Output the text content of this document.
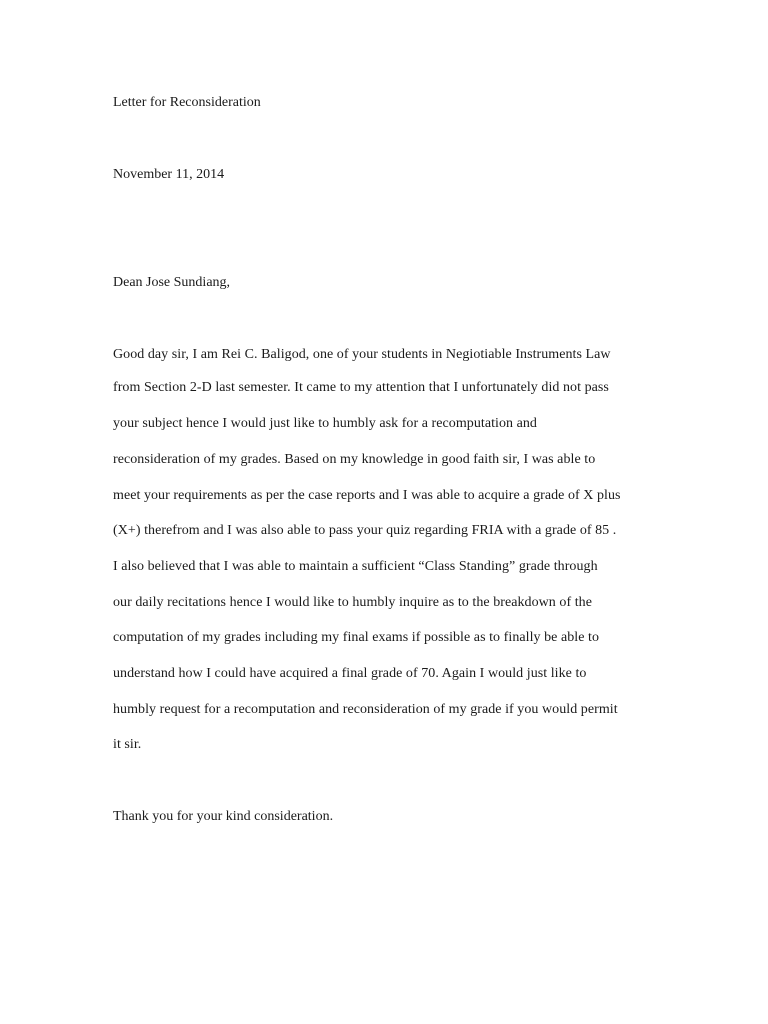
Letter for Reconsideration
November 11, 2014
Dean Jose Sundiang,
Good day sir, I am Rei C. Baligod, one of your students in Negiotiable Instruments Law
from Section 2-D last semester. It came to my attention that I unfortunately did not pass
your subject hence I would just like to humbly ask for a recomputation and
reconsideration of my grades. Based on my knowledge in good faith sir, I was able to
meet your requirements as per the case reports and I was able to acquire a grade of X plus
(X+) therefrom and I was also able to pass your quiz regarding FRIA with a grade of 85 .
I also believed that I was able to maintain a sufficient “Class Standing” grade through
our daily recitations hence I would like to humbly inquire as to the breakdown of the
computation of my grades including my final exams if possible as to finally be able to
understand how I could have acquired a final grade of 70. Again I would just like to
humbly request for a recomputation and reconsideration of my grade if you would permit
it sir.
Thank you for your kind consideration.
